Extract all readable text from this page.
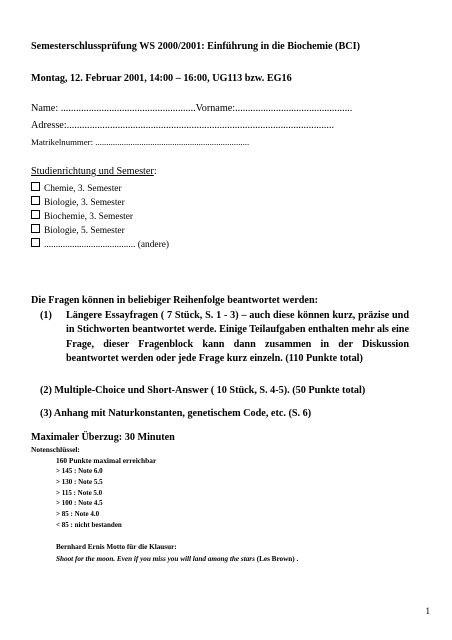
Semesterschlussprüfung WS 2000/2001: Einführung in die Biochemie (BCI)
Montag, 12. Februar 2001, 14:00 – 16:00, UG113 bzw. EG16
Name: .....................................................Vorname:..............................................
Adresse:.........................................................................................................
Matrikelnummer: ......................................................................
Studienrichtung und Semester:
Chemie, 3. Semester
Biologie, 3. Semester
Biochemie, 3. Semester
Biologie, 5. Semester
....................................... (andere)
Die Fragen können in beliebiger Reihenfolge beantwortet werden:
(1) Längere Essayfragen ( 7 Stück, S. 1 - 3) – auch diese können kurz, präzise und in Stichworten beantwortet werde. Einige Teilaufgaben enthalten mehr als eine Frage, dieser Fragenblock kann dann zusammen in der Diskussion beantwortet werden oder jede Frage kurz einzeln. (110 Punkte total)
(2) Multiple-Choice und Short-Answer ( 10 Stück, S. 4-5). (50 Punkte total)
(3) Anhang mit Naturkonstanten, genetischem Code, etc. (S. 6)
Maximaler Überzug: 30 Minuten
Notenschlüssel:
160 Punkte maximal erreichbar
> 145 : Note 6.0
> 130 : Note 5.5
> 115 : Note 5.0
> 100 : Note 4.5
> 85 : Note 4.0
< 85 : nicht bestanden
Bernhard Ernis Motto für die Klausur:
Shoot for the moon. Even if you miss you will land among the stars (Les Brown) .
1
